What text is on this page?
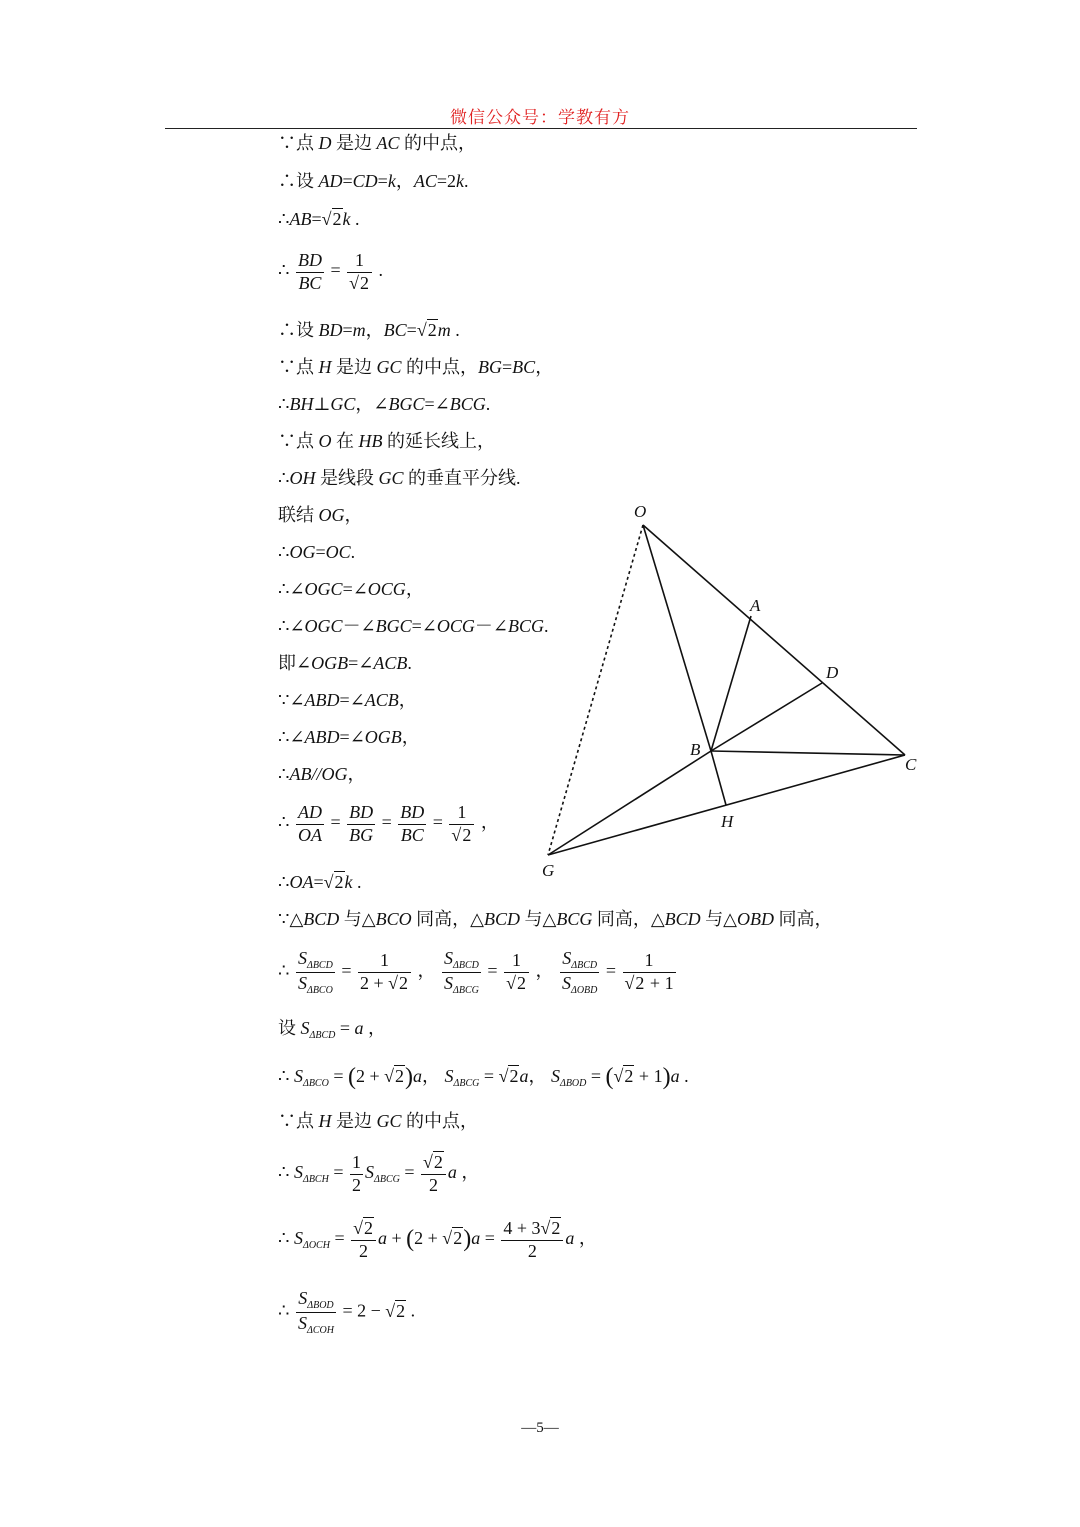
微信公众号：学教有方
∵点 D 是边 AC 的中点，
∴设 AD=CD=k，AC=2k.
∴AB=√2k .
∴ $\frac{BD}{BC} = \frac{1}{√2}$ .
∴设 BD=m，BC=√2m .
∵点 H 是边 GC 的中点，BG=BC，
∴BH⊥GC，∠BGC=∠BCG.
∵点 O 在 HB 的延长线上，
∴OH 是线段 GC 的垂直平分线.
联结 OG，
∴OG=OC.
∴∠OGC=∠OCG，
∴∠OGC－∠BGC=∠OCG－∠BCG.
即∠OGB=∠ACB.
∵∠ABD=∠ACB，
∴∠ABD=∠OGB，
∴AB//OG，
∴ $\frac{AD}{OA} = \frac{BD}{BG} = \frac{BD}{BC} = \frac{1}{√2}$ ，
∴OA=√2k .
∵△BCD 与△BCO 同高，△BCD 与△BCG 同高，△BCD 与△OBD 同高，
∴ $\frac{S_{\Delta BCD}}{S_{\Delta BCO}} = \frac{1}{2 + √2}$ ， $\frac{S_{\Delta BCD}}{S_{\Delta BCG}} = \frac{1}{√2}$ ， $\frac{S_{\Delta BCD}}{S_{\Delta OBD}} = \frac{1}{√2 + 1}$
设 $S_{\Delta BCD} = a$ ，
∴ $S_{\Delta BCO} = (2 + √2)a$， $S_{\Delta BCG} = √2a$， $S_{\Delta BOD} = (√2 + 1)a$ .
∵点 H 是边 GC 的中点，
∴ $S_{\Delta BCH} = \frac{1}{2} S_{\Delta BCG} = \frac{√2}{2}$ a ，
∴ $S_{\Delta OCH} = \frac{√2}{2}$ $a + (2 + √2)a = \frac{4 + 3√2}{2}$ a ，
∴ $\frac{S_{\Delta BOD}}{S_{\Delta COH}} = 2 - √2$ .
O
A
D
B
C
H
G
—5—
